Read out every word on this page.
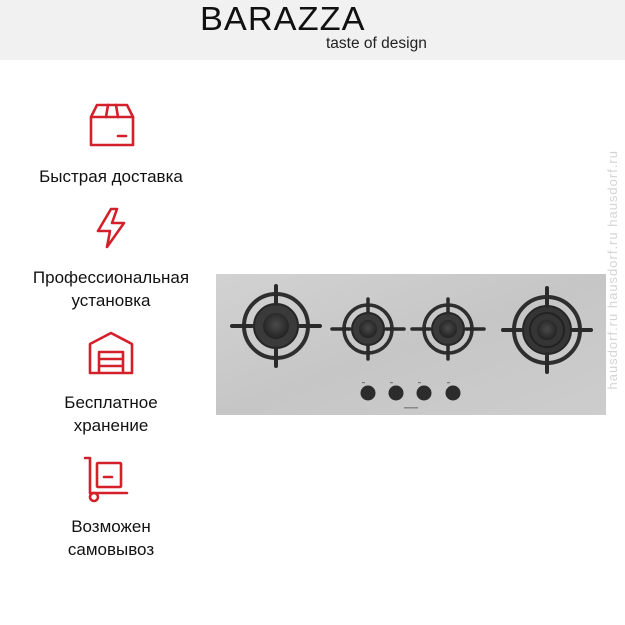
BARAZZA
taste of design
Быстрая доставка
Профессиональная
установка
Бесплатное
хранение
Возможен
самовывоз
hausdorf.ru hausdorf.ru hausdorf.ru
